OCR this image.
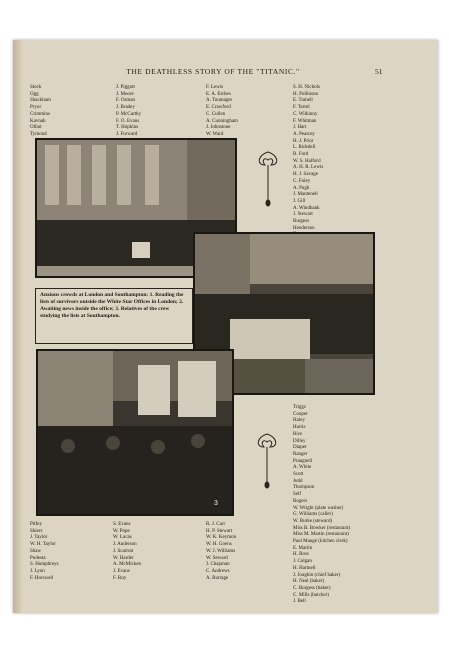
THE DEATHLESS STORY OF THE "TITANIC."	51
Stock
Ogg
Shackham
Pryor
Crimmins
Kavnah
Olliot
Tymond
J. Piggott
J. Moore
F. Osman
J. Bradey
P. McCarthy
F. O. Evans
T. Hopkins
J. Forward
F. Lewis
E. A. Etches
A. Toumager
E. Crawford
C. Cullen
A. Cunningham
J. Johnstone
W. Ward
S. H. Nichols
H. Pollinson
E. Tumell
F. Terrel
C. Wilkinny
F. Whitman
J. Hart
A. Pearcey
H. J. Prior
L. Ridsdell
R. Ford
W. S. Halford
A. H. R. Lewis
H. J. Savage
C. Foley
A. Pugh
J. Mantenell
J. Gill
A. Windbank
J. Stewart
Burgess
Henderson
Anxious crowds at London and Southampton: 1. Reading the lists of survivors outside the White Star Offices in London; 2. Awaiting news inside the office; 3. Relatives of the crew studying the lists at Southampton.
3
Triggs
Cooper
Haley
Harris
Rice
Dilley
Diaper
Ranger
Prangnell
A. White
Scott
Judd
Thompson
Self
Rogers
W. Wright (plate washer)
G. Williams (caller)
W. Burke (steward)
Miss B. Bowker (restaurant)
Miss M. Martin (restaurant)
Paul Maugé (kitchen clerk)
E. Martin
H. Ross
J. Colgan
H. Hartnell
J. Joughin (chief baker)
H. Neal (baker)
C. Burgess (baker)
C. Mills (butcher)
J. Bell
Pitfey
Shiers
J. Taylor
W. H. Taylor
Shaw
Podesta
S. Humphreys
J. Lyon
F. Horswell
S. Evans
W. Pope
W. Lucas
J. Anderson
J. Scarrott
W. Harder
A. McMicken
J. Evans
F. Roy
R. J. Carr
H. P. Stewart
W. K. Keymon
W. H. Goens
W. J. Williams
W. Seward
J. Chapman
C. Andrews
A. Burrage
